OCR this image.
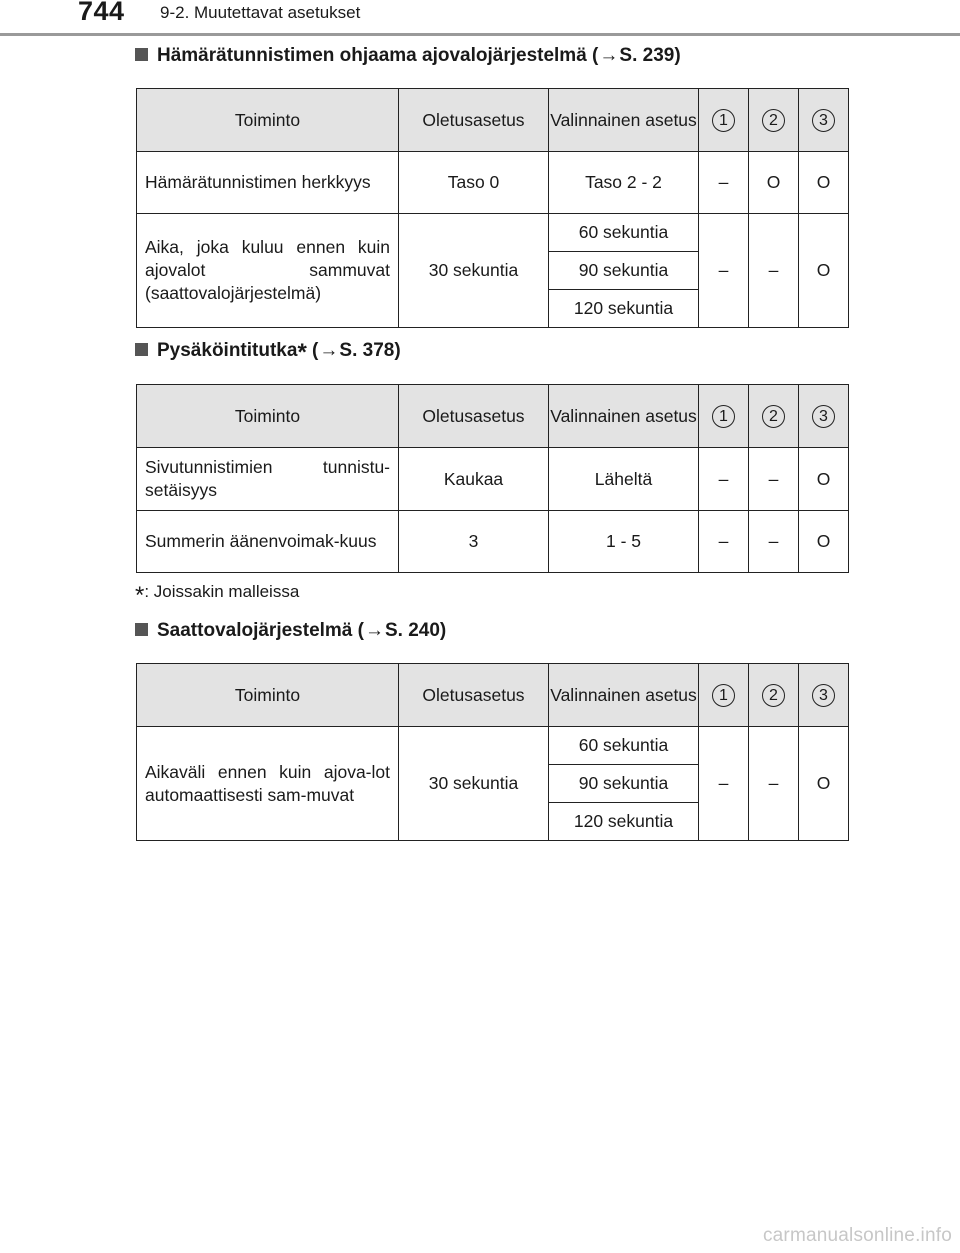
744 9-2. Muutettavat asetukset
Hämärätunnistimen ohjaama ajovalojärjestelmä ( → S. 239)
Toiminto	Oletusasetus	Valinnainen asetus	1	2	3

Hämärätunnistimen herkkyys	Taso 0	Taso 2 - 2	–	O	O

Aika, joka kuluu ennen kuin ajovalot sammuvat (saattovalojärjestelmä)	30 sekuntia	60 sekuntia	–	–	O
		90 sekuntia			
		120 sekuntia			
Pysäköintitutka * ( → S. 378)
Toiminto	Oletusasetus	Valinnainen asetus	1	2	3

Sivutunnistimien tunnistu-setäisyys	Kaukaa	Läheltä	–	–	O

Summerin äänenvoimak-kuus	3	1 - 5	–	–	O
*: Joissakin malleissa
Saattovalojärjestelmä ( → S. 240)
Toiminto	Oletusasetus	Valinnainen asetus	1	2	3

Aikaväli ennen kuin ajova-lot automaattisesti sam-muvat	30 sekuntia	60 sekuntia	–	–	O
		90 sekuntia			
		120 sekuntia			
carmanualsonline.info
